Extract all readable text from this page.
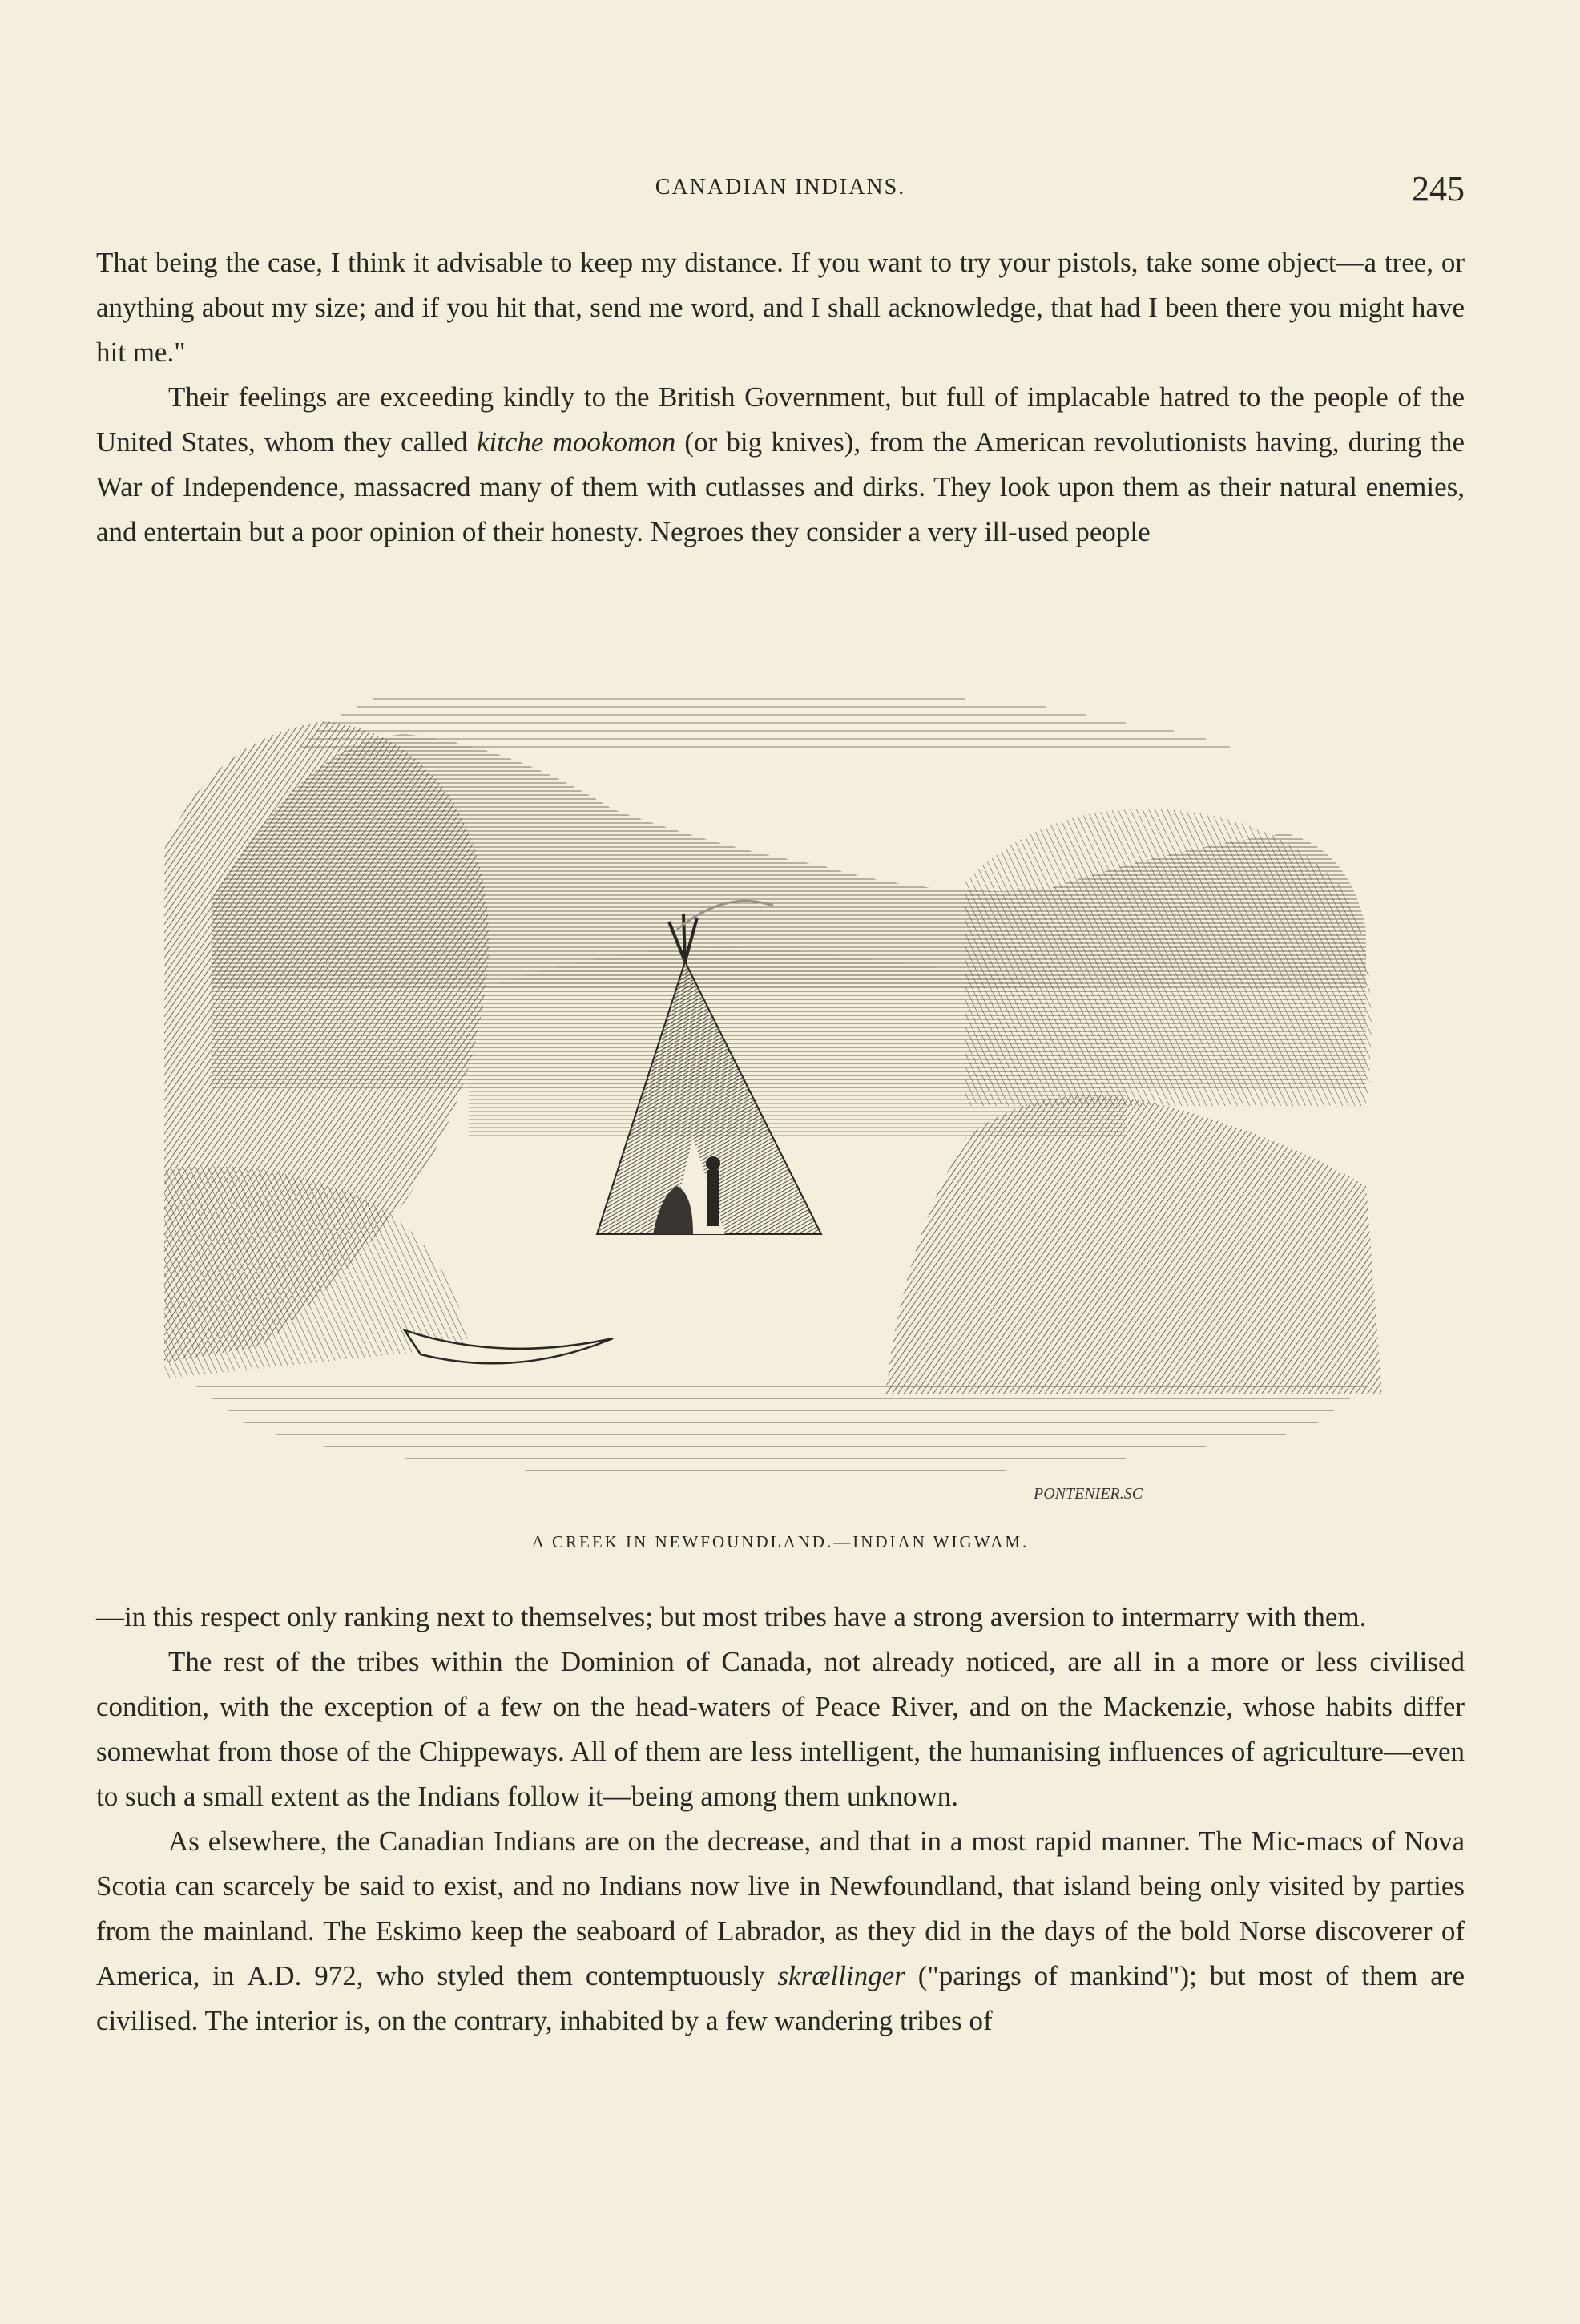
CANADIAN INDIANS.	245

That being the case, I think it advisable to keep my distance. If you want to try your pistols, take some object—a tree, or anything about my size; and if you hit that, send me word, and I shall acknowledge, that had I been there you might have hit me."

Their feelings are exceeding kindly to the British Government, but full of implacable hatred to the people of the United States, whom they called kitche mookomon (or big knives), from the American revolutionists having, during the War of Independence, massacred many of them with cutlasses and dirks. They look upon them as their natural enemies, and entertain but a poor opinion of their honesty. Negroes they consider a very ill-used people

PONTENIER.SC
A CREEK IN NEWFOUNDLAND.—INDIAN WIGWAM.

—in this respect only ranking next to themselves; but most tribes have a strong aversion to intermarry with them.

The rest of the tribes within the Dominion of Canada, not already noticed, are all in a more or less civilised condition, with the exception of a few on the head-waters of Peace River, and on the Mackenzie, whose habits differ somewhat from those of the Chippeways. All of them are less intelligent, the humanising influences of agriculture—even to such a small extent as the Indians follow it—being among them unknown.

As elsewhere, the Canadian Indians are on the decrease, and that in a most rapid manner. The Mic-macs of Nova Scotia can scarcely be said to exist, and no Indians now live in Newfoundland, that island being only visited by parties from the mainland. The Eskimo keep the seaboard of Labrador, as they did in the days of the bold Norse discoverer of America, in A.D. 972, who styled them contemptuously skrællinger ("parings of mankind"); but most of them are civilised. The interior is, on the contrary, inhabited by a few wandering tribes of
